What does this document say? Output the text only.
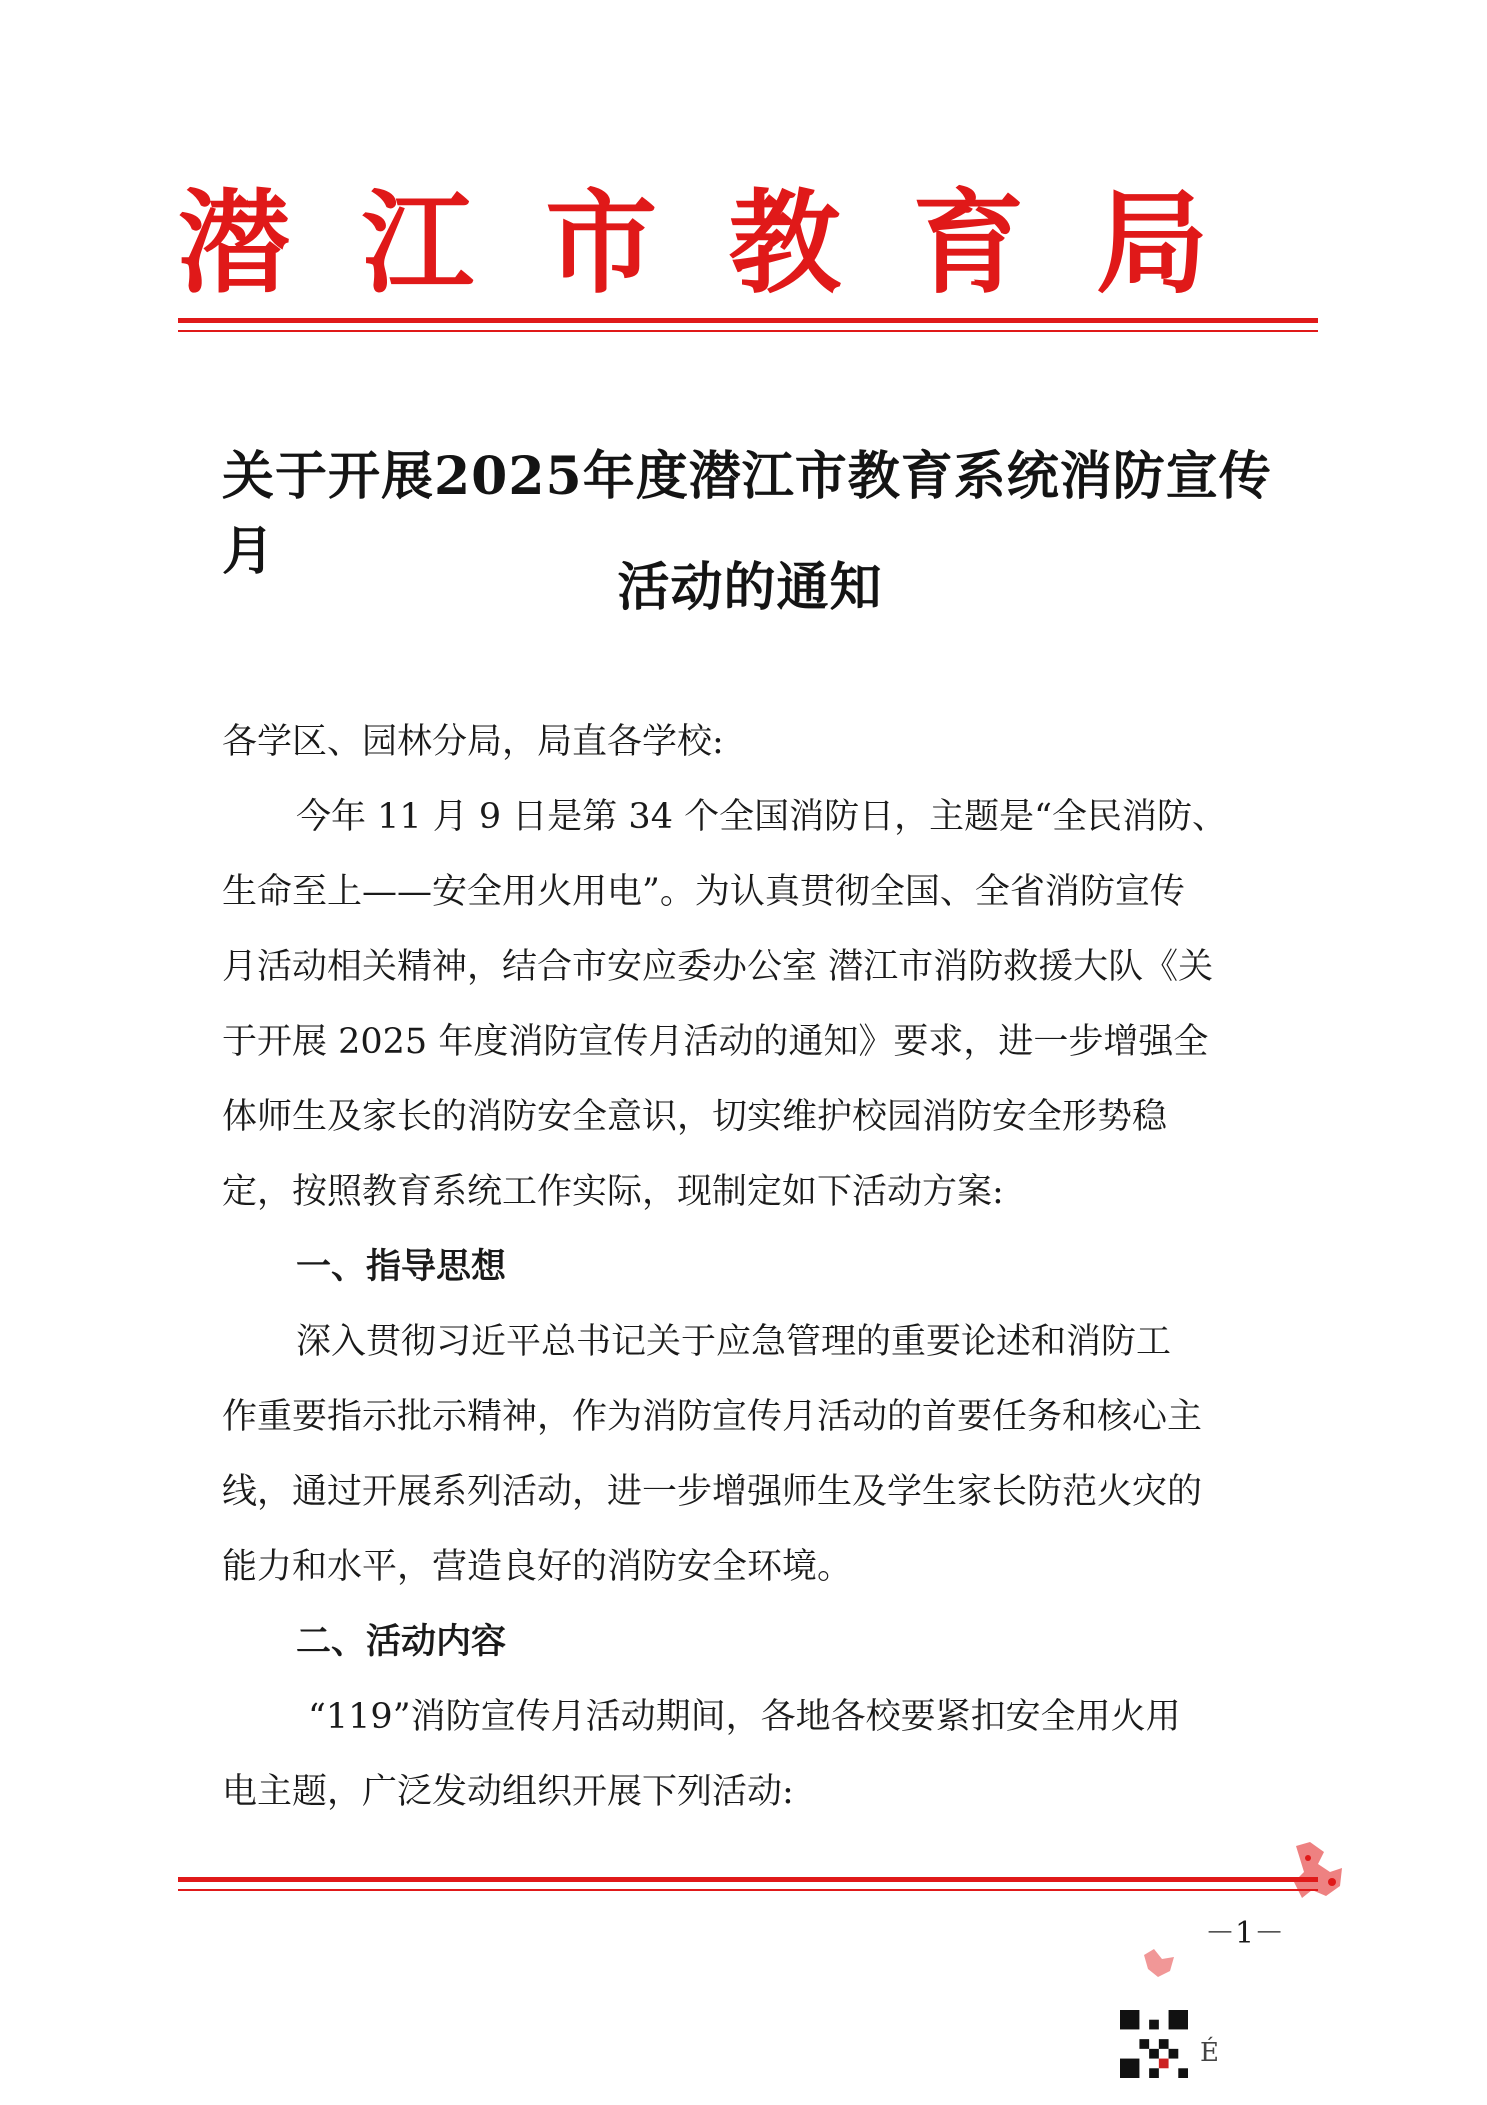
潜 江 市 教 育 局
关于开展2025年度潜江市教育系统消防宣传月
活动的通知
各学区、园林分局，局直各学校:
今年 11 月 9 日是第 34 个全国消防日，主题是“全民消防、
生命至上——安全用火用电”。为认真贯彻全国、全省消防宣传
月活动相关精神，结合市安应委办公室 潜江市消防救援大队《关
于开展 2025 年度消防宣传月活动的通知》要求，进一步增强全
体师生及家长的消防安全意识，切实维护校园消防安全形势稳
定，按照教育系统工作实际，现制定如下活动方案:
一、指导思想
深入贯彻习近平总书记关于应急管理的重要论述和消防工
作重要指示批示精神，作为消防宣传月活动的首要任务和核心主
线，通过开展系列活动，进一步增强师生及学生家长防范火灾的
能力和水平，营造良好的消防安全环境。
二、活动内容
“119”消防宣传月活动期间，各地各校要紧扣安全用火用
电主题，广泛发动组织开展下列活动:
－1－
É
